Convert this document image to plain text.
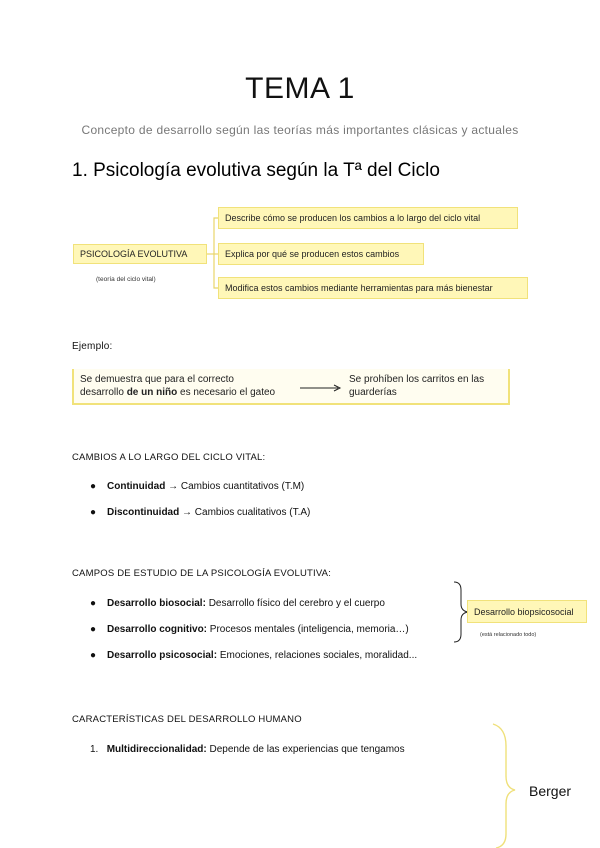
TEMA 1
Concepto de desarrollo según las teorías más importantes clásicas y actuales
1. Psicología evolutiva según la Tª del Ciclo
PSICOLOGÍA EVOLUTIVA
(teoría del ciclo vital)
Describe cómo se producen los cambios a lo largo del ciclo vital
Explica por qué se producen estos cambios
Modifica estos cambios mediante herramientas para más bienestar
Ejemplo:
Se demuestra que para el correcto
desarrollo de un niño es necesario el gateo
Se prohíben los carritos en las
guarderías
CAMBIOS A LO LARGO DEL CICLO VITAL:
● Continuidad → Cambios cuantitativos (T.M)
● Discontinuidad → Cambios cualitativos (T.A)
CAMPOS DE ESTUDIO DE LA PSICOLOGÍA EVOLUTIVA:
● Desarrollo biosocial: Desarrollo físico del cerebro y el cuerpo
● Desarrollo cognitivo: Procesos mentales (inteligencia, memoria…)
● Desarrollo psicosocial: Emociones, relaciones sociales, moralidad...
Desarrollo biopsicosocial
(está relacionado todo)
CARACTERÍSTICAS DEL DESARROLLO HUMANO
1. Multidireccionalidad: Depende de las experiencias que tengamos
Berger
